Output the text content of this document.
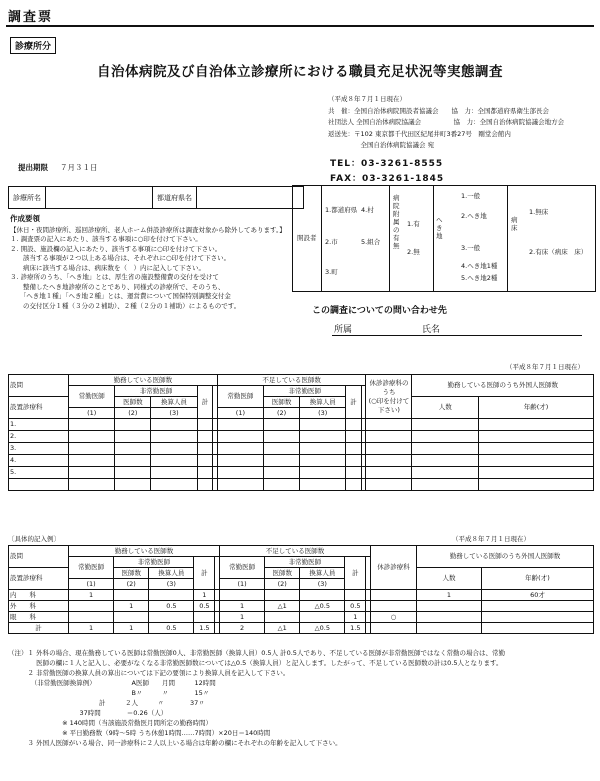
調査票
診療所分
自治体病院及び自治体立診療所における職員充足状況等実態調査
（平成８年７月１日現在）
共　催：全国自治体病院開設者協議会　　協　力：全国都道府県衛生部長会
社団法人 全国自治体病院協議会　　　　　協　力：全国自治体病院協議会地方会
返送先：〒102 東京都千代田区紀尾井町3番27号　剛堂会館内
　　　　　全国自治体病院協議会 宛
TEL：03-3261-8555
FAX：03-3261-1845
提出期限 ７月３１日
診療所名	都道府県名
開設者
1.都道府県
2.市
3.町
4.村
5.組合
病院附属の有無
1.有
2.無
へき地
1.一般
2.へき地
3.一般
4.へき地1種
5.へき地2種
病床
1.無床
2.有床（病床　床）
作成要領
【休日・夜間診療所、巡回診療所、老人ホーム併設診療所は調査対象から除外してあります。】
１. 調査票の記入にあたり、該当する事項に○印を付けて下さい。
２. 開設、施設欄の記入にあたり、該当する事項に○印を付けて下さい。
　　該当する事項が２つ以上ある場合は、それぞれに○印を付けて下さい。
　　病床に該当する場合は、病床数を（　）内に記入して下さい。
３. 診療所のうち、「へき地」とは、厚生省の施設整備費の交付を受けて
　　整備したへき地診療所のことであり、同様式の診療所で、そのうち、
　　「へき地１種」「へき地２種」とは、運営費について国保特別調整交付金
　　の交付区分１種（３分の２補助）、２種（２分の１補助）によるものです。
この調査についての問い合わせ先
所属	氏名
（平成８年７月１日現在）
設問	勤務している医師数					不足している医師数					休診診療科のうち
(○印を付けて下さい)	勤務している医師のうち外国人医師数	
	常勤医師	非常勤医師		計		常勤医師	非常勤医師		計				
設置診療科		医師数	換算人員				医師数	換算人員				人数	年齢(才)
	(1)	(2)	(3)			(1)	(2)	(3)					
1.													
2.													
3.													
4.													
5.													

〔具体的記入例〕	（平成８年７月１日現在）
設問	勤務している医師数					不足している医師数					休診診療科	勤務している医師のうち外国人医師数	
	常勤医師	非常勤医師		計		常勤医師	非常勤医師		計				
設置診療科		医師数	換算人員				医師数	換算人員				人数	年齢(才)
	(1)	(2)	(3)			(1)	(2)	(3)					
内　　科	1			1								1	60才
外　　科		1	0.5	0.5		1	△1	△0.5	0.5				
眼　　科						1			1		○		
計	1	1	0.5	1.5		2	△1	△0.5	1.5				
（注）１ 外科の場合、現在勤務している医師は常勤医師0人、非常勤医師（換算人員）0.5人 計0.5人であり、不足している医師が非常勤医師ではなく常勤の場合は、常勤
　　　　 医師の欄に１人と記入し、必要がなくなる非常勤医師数については△0.5（換算人員）と記入します。したがって、不足している医師数の計は0.5人となります。
　　　２ 非常勤医師の換算人員の算出については下記の要領により換算人員を記入して下さい。
　　　　（非常勤医師換算例）　　　　　　A医師　　月間　　　12時間
　　　　　　　　　　　　　　　　　　　B〃　　　〃　　　　15〃
　　　　　　　　　　　　　　計　　　２人　　　〃　　　　37〃
　　　　　　　　　　　37時間　　　　＝0.26（人）
　　　　　　　　 ※ 140時間（当該施設常勤医月間所定の勤務時間）
　　　　　　　　 ※ 平日勤務数（9時〜5時 うち休憩1時間……7時間）×20日＝140時間
　　　３ 外国人医師がいる場合、同一診療科に２人以上いる場合は年齢の欄にそれぞれの年齢を記入して下さい。
